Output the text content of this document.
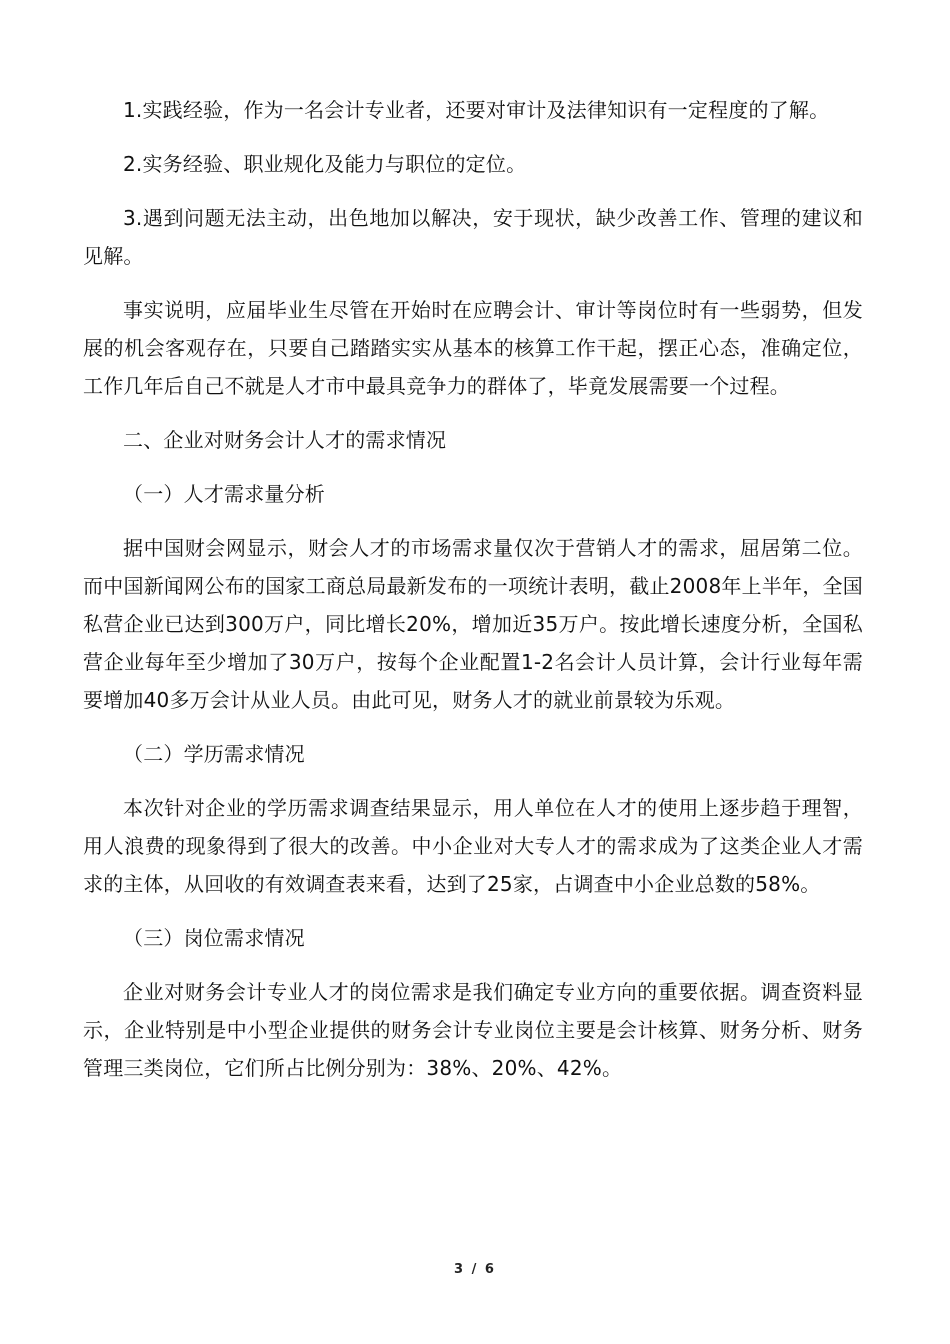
1.实践经验，作为一名会计专业者，还要对审计及法律知识有一定程度的了解。

2.实务经验、职业规化及能力与职位的定位。

3.遇到问题无法主动，出色地加以解决，安于现状，缺少改善工作、管理的建议和见解。

事实说明，应届毕业生尽管在开始时在应聘会计、审计等岗位时有一些弱势，但发展的机会客观存在，只要自己踏踏实实从基本的核算工作干起，摆正心态，准确定位，工作几年后自己不就是人才市中最具竞争力的群体了，毕竟发展需要一个过程。

二、企业对财务会计人才的需求情况

（一）人才需求量分析

据中国财会网显示，财会人才的市场需求量仅次于营销人才的需求，屈居第二位。而中国新闻网公布的国家工商总局最新发布的一项统计表明，截止2008年上半年，全国私营企业已达到300万户，同比增长20%，增加近35万户。按此增长速度分析，全国私营企业每年至少增加了30万户，按每个企业配置1-2名会计人员计算，会计行业每年需要增加40多万会计从业人员。由此可见，财务人才的就业前景较为乐观。

（二）学历需求情况

本次针对企业的学历需求调查结果显示，用人单位在人才的使用上逐步趋于理智，用人浪费的现象得到了很大的改善。中小企业对大专人才的需求成为了这类企业人才需求的主体，从回收的有效调查表来看，达到了25家，占调查中小企业总数的58%。

（三）岗位需求情况

企业对财务会计专业人才的岗位需求是我们确定专业方向的重要依据。调查资料显示，企业特别是中小型企业提供的财务会计专业岗位主要是会计核算、财务分析、财务管理三类岗位，它们所占比例分别为：38%、20%、42%。

3 / 6
